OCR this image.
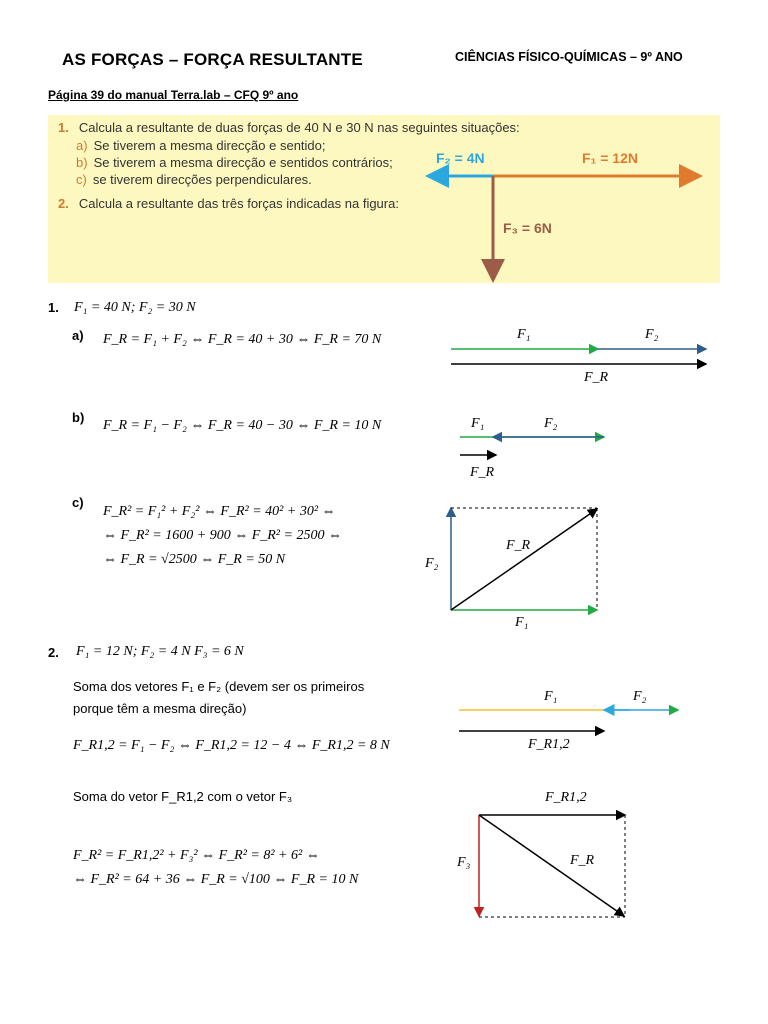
AS FORÇAS – FORÇA RESULTANTE	CIÊNCIAS FÍSICO-QUÍMICAS – 9º ANO
Página 39 do manual Terra.lab – CFQ 9º ano
1. Calcula a resultante de duas forças de 40 N e 30 N nas seguintes situações:
a) Se tiverem a mesma direcção e sentido;
b) Se tiverem a mesma direcção e sentidos contrários;
c) se tiverem direcções perpendiculares.
2. Calcula a resultante das três forças indicadas na figura:
F₂ = 4N	F₁ = 12N
F₃ = 6N
1. F₁ = 40 N; F₂ = 30 N
a) F_R = F₁ + F₂ ⇔ F_R = 40 + 30 ⇔ F_R = 70 N
b)
F_R = F₁ − F₂ ⇔ F_R = 40 − 30 ⇔ F_R = 10 N
c)
F_R² = F₁² + F₂² ⇔ F_R² = 40² + 30² ⇔
⇔ F_R² = 1600 + 900 ⇔ F_R² = 2500 ⇔
⇔ F_R = √2500 ⇔ F_R = 50 N
2. F₁ = 12 N; F₂ = 4 N F₃ = 6 N
Soma dos vetores F₁ e F₂ (devem ser os primeiros
porque têm a mesma direção)
F_R1,2 = F₁ − F₂ ⇔ F_R1,2 = 12 − 4 ⇔ F_R1,2 = 8 N
Soma do vetor F_R1,2 com o vetor F₃
F_R² = F_R1,2² + F₃² ⇔ F_R² = 8² + 6² ⇔
⇔ F_R² = 64 + 36 ⇔ F_R = √100 ⇔ F_R = 10 N
F₁	F₂
F_R
F₁	F₂
F_R
F_R
F₂
F₁
F₁	F₂
F_R1,2
F_R1,2
F₃	F_R
